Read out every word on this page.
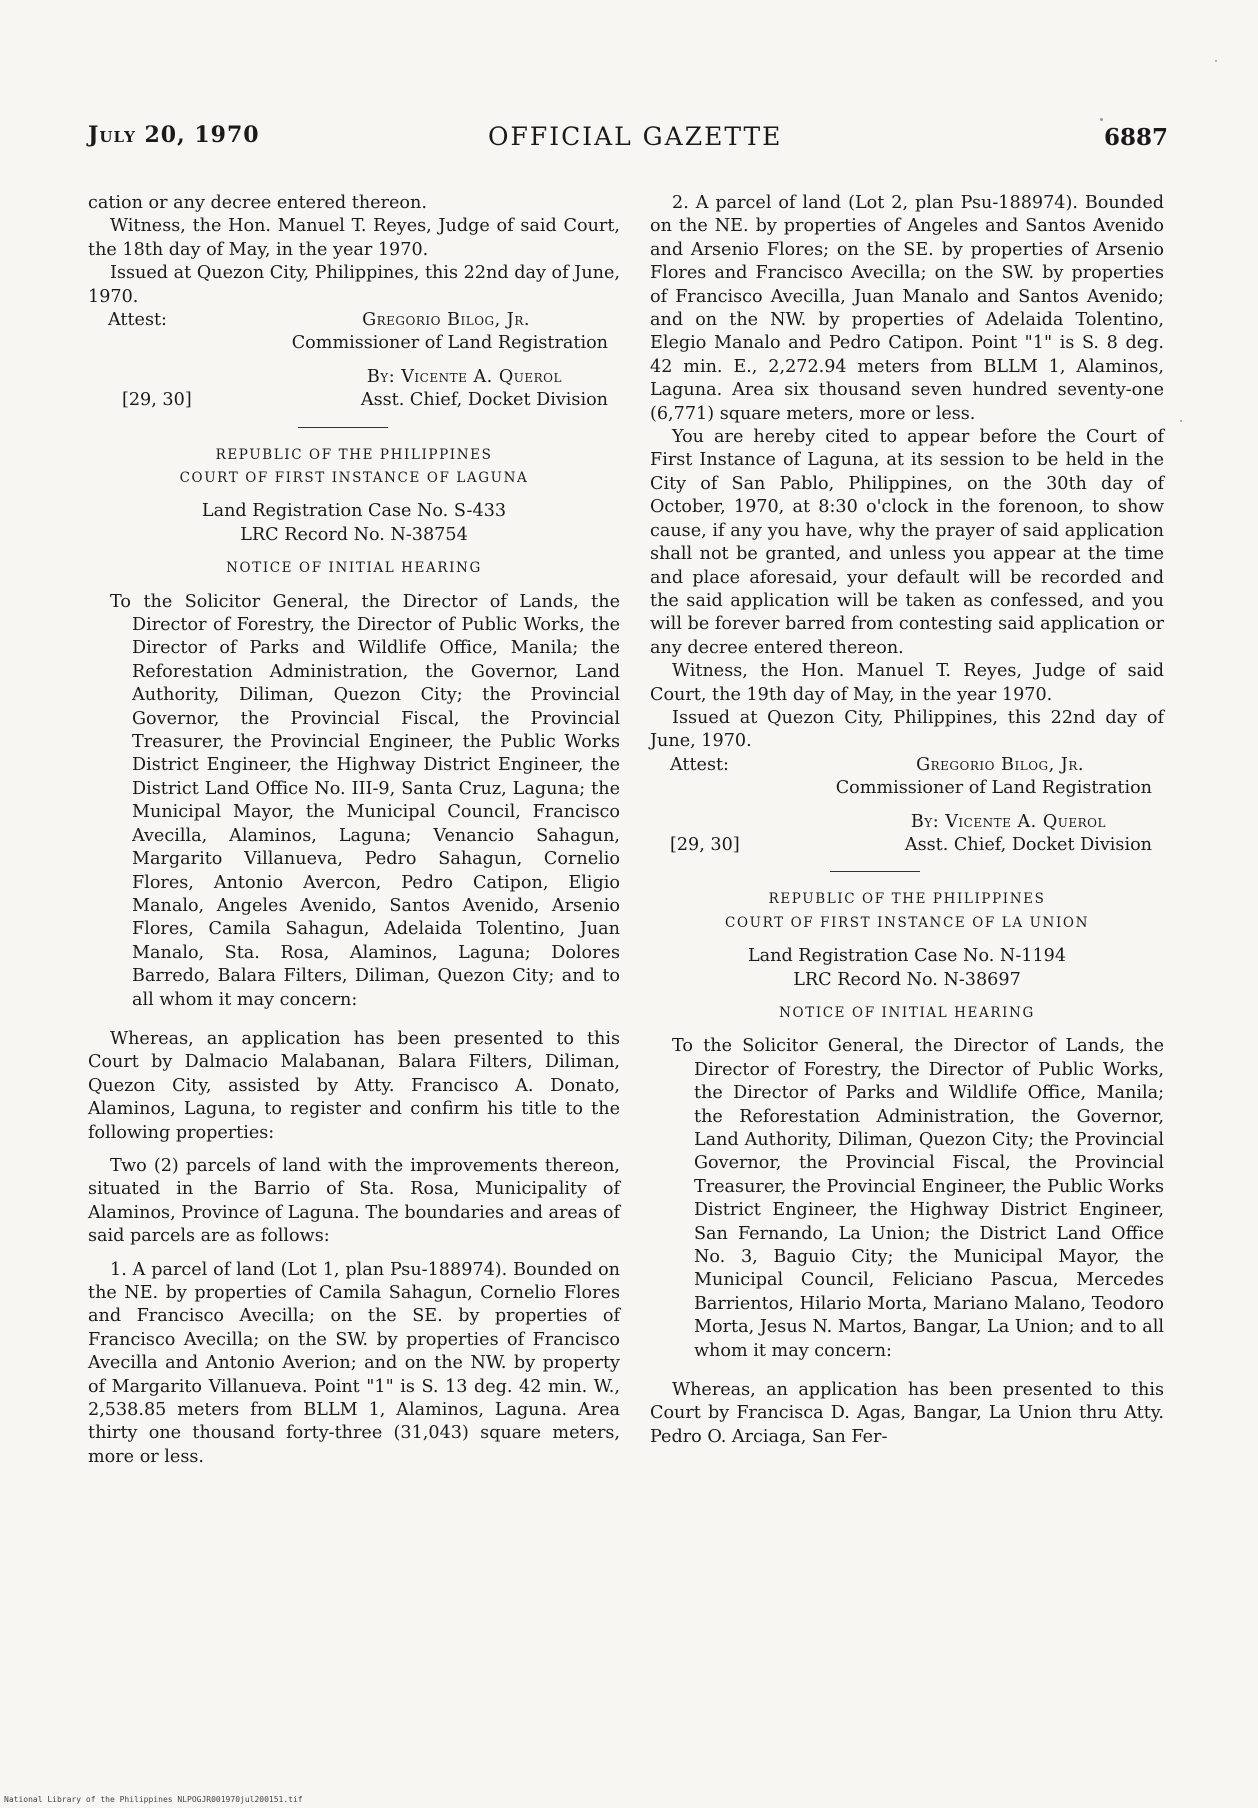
July 20, 1970	OFFICIAL GAZETTE	6887

cation or any decree entered thereon.

Witness, the Hon. Manuel T. Reyes, Judge of said Court, the 18th day of May, in the year 1970.

Issued at Quezon City, Philippines, this 22nd day of June, 1970.

Attest:	Gregorio Bilog, Jr.
Commissioner of Land Registration
By: Vicente A. Querol
[29, 30]	Asst. Chief, Docket Division

REPUBLIC OF THE PHILIPPINES

COURT OF FIRST INSTANCE OF LAGUNA

Land Registration Case No. S-433

LRC Record No. N-38754

NOTICE OF INITIAL HEARING

To the Solicitor General, the Director of Lands, the Director of Forestry, the Director of Public Works, the Director of Parks and Wildlife Office, Manila; the Reforestation Administration, the Governor, Land Authority, Diliman, Quezon City; the Provincial Governor, the Provincial Fiscal, the Provincial Treasurer, the Provincial Engineer, the Public Works District Engineer, the Highway District Engineer, the District Land Office No. III-9, Santa Cruz, Laguna; the Municipal Mayor, the Municipal Council, Francisco Avecilla, Alaminos, Laguna; Venancio Sahagun, Margarito Villanueva, Pedro Sahagun, Cornelio Flores, Antonio Avercon, Pedro Catipon, Eligio Manalo, Angeles Avenido, Santos Avenido, Arsenio Flores, Camila Sahagun, Adelaida Tolentino, Juan Manalo, Sta. Rosa, Alaminos, Laguna; Dolores Barredo, Balara Filters, Diliman, Quezon City; and to all whom it may concern:

Whereas, an application has been presented to this Court by Dalmacio Malabanan, Balara Filters, Diliman, Quezon City, assisted by Atty. Francisco A. Donato, Alaminos, Laguna, to register and confirm his title to the following properties:

Two (2) parcels of land with the improvements thereon, situated in the Barrio of Sta. Rosa, Municipality of Alaminos, Province of Laguna. The boundaries and areas of said parcels are as follows:

1. A parcel of land (Lot 1, plan Psu-188974). Bounded on the NE. by properties of Camila Sahagun, Cornelio Flores and Francisco Avecilla; on the SE. by properties of Francisco Avecilla; on the SW. by properties of Francisco Avecilla and Antonio Averion; and on the NW. by property of Margarito Villanueva. Point "1" is S. 13 deg. 42 min. W., 2,538.85 meters from BLLM 1, Alaminos, Laguna. Area thirty one thousand forty-three (31,043) square meters, more or less.

2. A parcel of land (Lot 2, plan Psu-188974). Bounded on the NE. by properties of Angeles and Santos Avenido and Arsenio Flores; on the SE. by properties of Arsenio Flores and Francisco Avecilla; on the SW. by properties of Francisco Avecilla, Juan Manalo and Santos Avenido; and on the NW. by properties of Adelaida Tolentino, Elegio Manalo and Pedro Catipon. Point "1" is S. 8 deg. 42 min. E., 2,272.94 meters from BLLM 1, Alaminos, Laguna. Area six thousand seven hundred seventy-one (6,771) square meters, more or less.

You are hereby cited to appear before the Court of First Instance of Laguna, at its session to be held in the City of San Pablo, Philippines, on the 30th day of October, 1970, at 8:30 o'clock in the forenoon, to show cause, if any you have, why the prayer of said application shall not be granted, and unless you appear at the time and place aforesaid, your default will be recorded and the said application will be taken as confessed, and you will be forever barred from contesting said application or any decree entered thereon.

Witness, the Hon. Manuel T. Reyes, Judge of said Court, the 19th day of May, in the year 1970.

Issued at Quezon City, Philippines, this 22nd day of June, 1970.

Attest:	Gregorio Bilog, Jr.
Commissioner of Land Registration
By: Vicente A. Querol
[29, 30]	Asst. Chief, Docket Division

REPUBLIC OF THE PHILIPPINES

COURT OF FIRST INSTANCE OF LA UNION

Land Registration Case No. N-1194

LRC Record No. N-38697

NOTICE OF INITIAL HEARING

To the Solicitor General, the Director of Lands, the Director of Forestry, the Director of Public Works, the Director of Parks and Wildlife Office, Manila; the Reforestation Administration, the Governor, Land Authority, Diliman, Quezon City; the Provincial Governor, the Provincial Fiscal, the Provincial Treasurer, the Provincial Engineer, the Public Works District Engineer, the Highway District Engineer, San Fernando, La Union; the District Land Office No. 3, Baguio City; the Municipal Mayor, the Municipal Council, Feliciano Pascua, Mercedes Barrientos, Hilario Morta, Mariano Malano, Teodoro Morta, Jesus N. Martos, Bangar, La Union; and to all whom it may concern:

Whereas, an application has been presented to this Court by Francisca D. Agas, Bangar, La Union thru Atty. Pedro O. Arciaga, San Fer-

National Library of the Philippines NLPOGJR001970jul200151.tif
